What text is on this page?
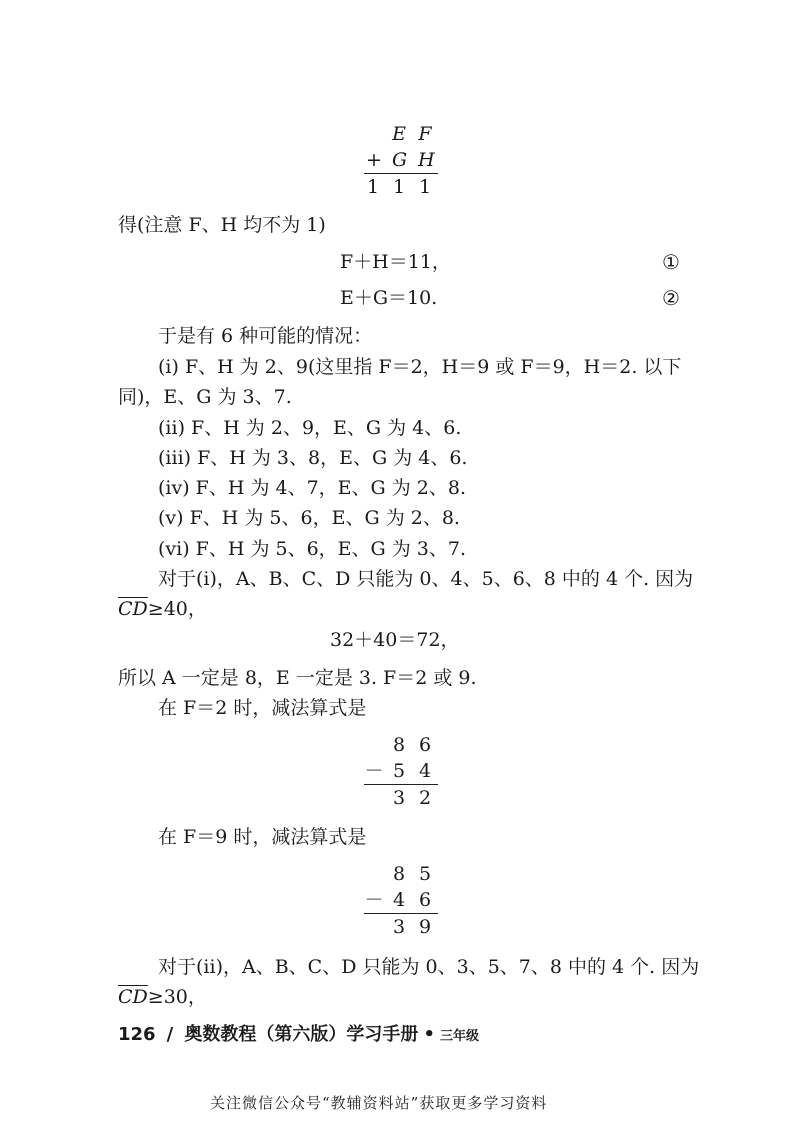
E F
+ G H
1 1 1
得(注意 F、H 均不为 1)
F＋H＝11，	①
E＋G＝10.	②
于是有 6 种可能的情况：
(i) F、H 为 2、9(这里指 F＝2，H＝9 或 F＝9，H＝2. 以下
同)，E、G 为 3、7.
(ii) F、H 为 2、9，E、G 为 4、6.
(iii) F、H 为 3、8，E、G 为 4、6.
(iv) F、H 为 4、7，E、G 为 2、8.
(v) F、H 为 5、6，E、G 为 2、8.
(vi) F、H 为 5、6，E、G 为 3、7.
对于(i)，A、B、C、D 只能为 0、4、5、6、8 中的 4 个. 因为
$\overline{CD}\ge 40$，
32＋40＝72，
所以 A 一定是 8，E 一定是 3. F＝2 或 9.
在 F＝2 时，减法算式是
8 6
－ 5 4
3 2
在 F＝9 时，减法算式是
8 5
－ 4 6
3 9
对于(ii)，A、B、C、D 只能为 0、3、5、7、8 中的 4 个. 因为
$\overline{CD}\ge 30$，
126 / 奥数教程（第六版）学习手册 • 三年级
关注微信公众号“教辅资料站”获取更多学习资料
